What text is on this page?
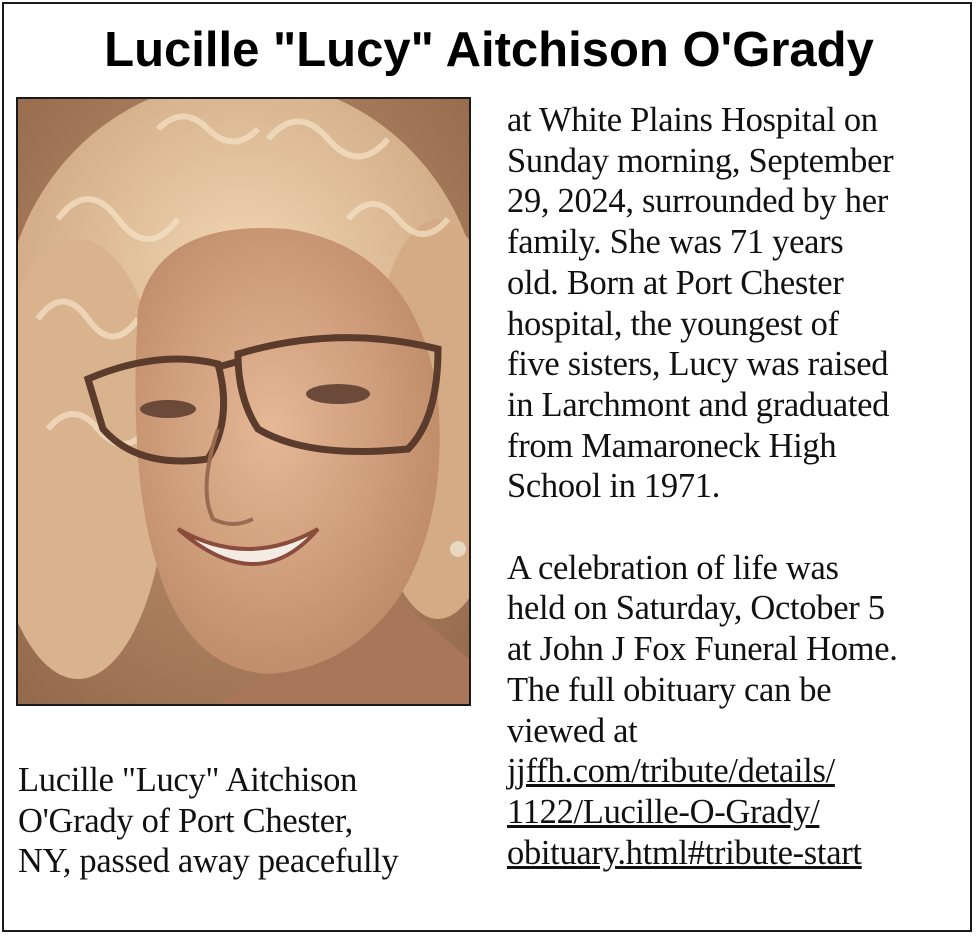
Lucille "Lucy" Aitchison O'Grady

at White Plains Hospital on
Sunday morning, September
29, 2024, surrounded by her
family. She was 71 years
old. Born at Port Chester
hospital, the youngest of
five sisters, Lucy was raised
in Larchmont and graduated
from Mamaroneck High
School in 1971.

A celebration of life was
held on Saturday, October 5
at John J Fox Funeral Home.
The full obituary can be
viewed at
jjffh.com/tribute/details/
1122/Lucille-O-Grady/
obituary.html#tribute-start

Lucille "Lucy" Aitchison
O'Grady of Port Chester,
NY, passed away peacefully
